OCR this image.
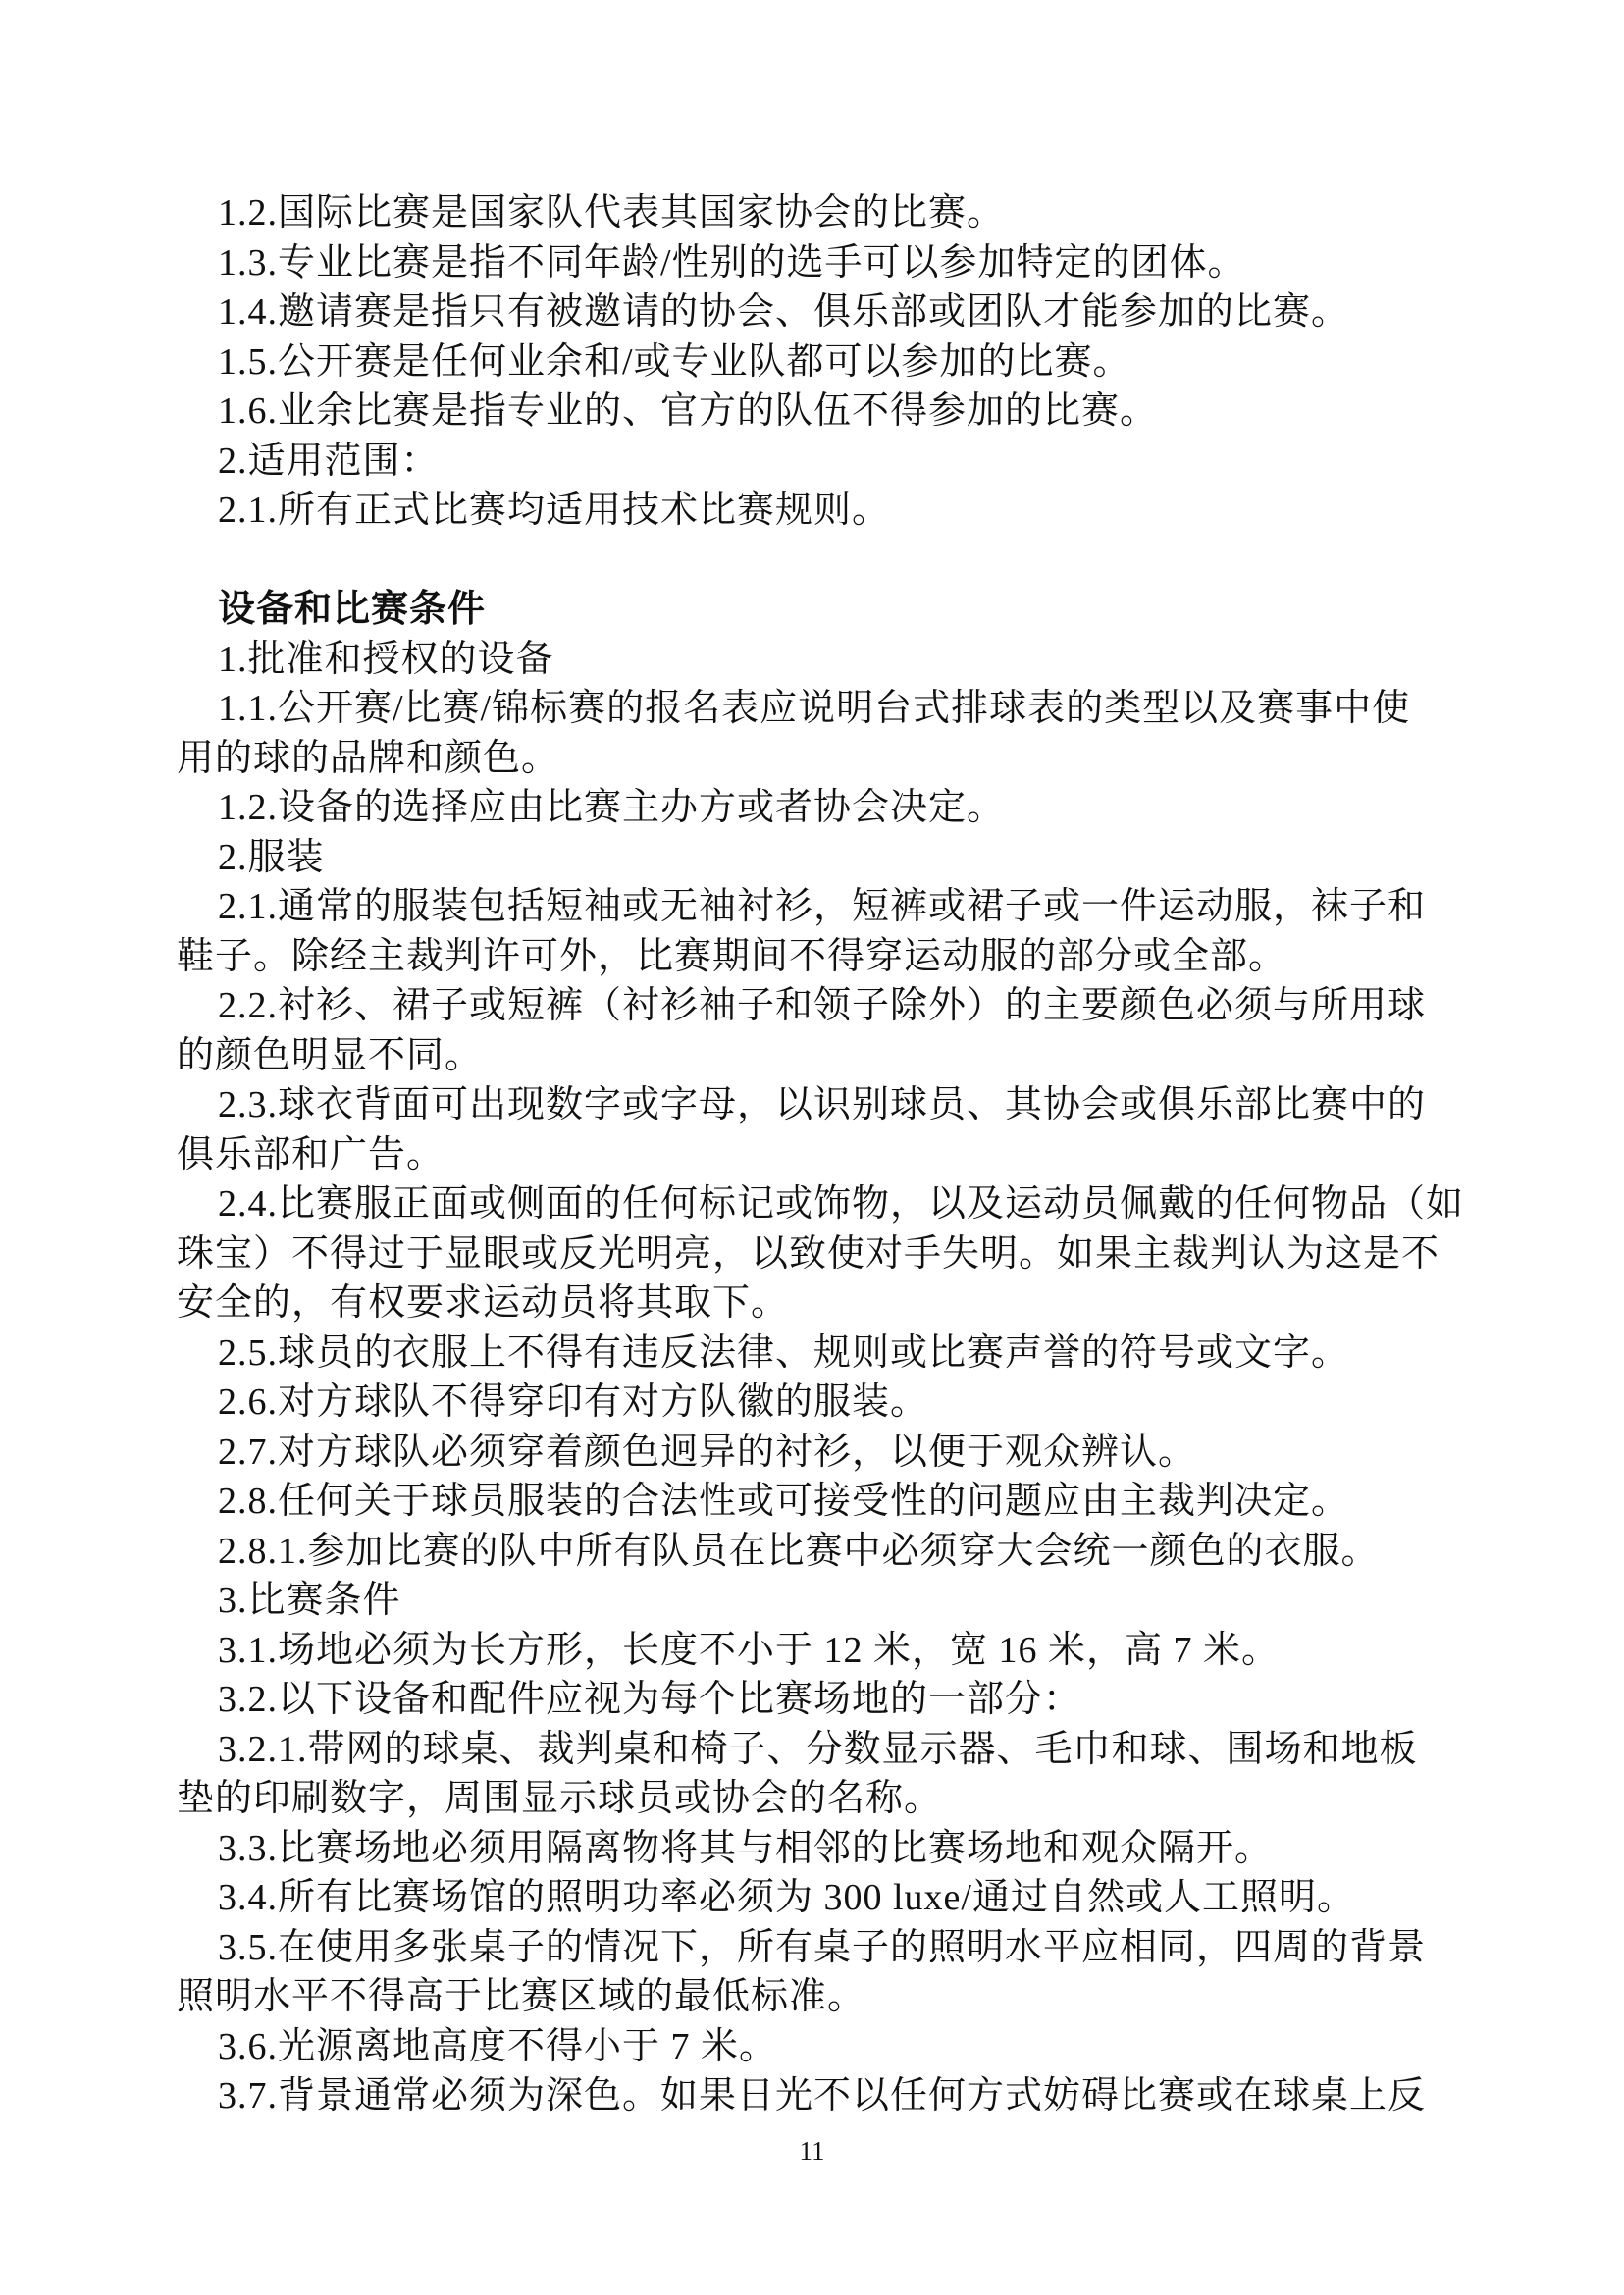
1.2.国际比赛是国家队代表其国家协会的比赛。
1.3.专业比赛是指不同年龄/性别的选手可以参加特定的团体。
1.4.邀请赛是指只有被邀请的协会、俱乐部或团队才能参加的比赛。
1.5.公开赛是任何业余和/或专业队都可以参加的比赛。
1.6.业余比赛是指专业的、官方的队伍不得参加的比赛。
2.适用范围：
2.1.所有正式比赛均适用技术比赛规则。
设备和比赛条件
1.批准和授权的设备
1.1.公开赛/比赛/锦标赛的报名表应说明台式排球表的类型以及赛事中使
用的球的品牌和颜色。
1.2.设备的选择应由比赛主办方或者协会决定。
2.服装
2.1.通常的服装包括短袖或无袖衬衫，短裤或裙子或一件运动服，袜子和
鞋子。除经主裁判许可外，比赛期间不得穿运动服的部分或全部。
2.2.衬衫、裙子或短裤（衬衫袖子和领子除外）的主要颜色必须与所用球
的颜色明显不同。
2.3.球衣背面可出现数字或字母，以识别球员、其协会或俱乐部比赛中的
俱乐部和广告。
2.4.比赛服正面或侧面的任何标记或饰物，以及运动员佩戴的任何物品（如
珠宝）不得过于显眼或反光明亮，以致使对手失明。如果主裁判认为这是不
安全的，有权要求运动员将其取下。
2.5.球员的衣服上不得有违反法律、规则或比赛声誉的符号或文字。
2.6.对方球队不得穿印有对方队徽的服装。
2.7.对方球队必须穿着颜色迥异的衬衫，以便于观众辨认。
2.8.任何关于球员服装的合法性或可接受性的问题应由主裁判决定。
2.8.1.参加比赛的队中所有队员在比赛中必须穿大会统一颜色的衣服。
3.比赛条件
3.1.场地必须为长方形，长度不小于 12 米，宽 16 米，高 7 米。
3.2.以下设备和配件应视为每个比赛场地的一部分：
3.2.1.带网的球桌、裁判桌和椅子、分数显示器、毛巾和球、围场和地板
垫的印刷数字，周围显示球员或协会的名称。
3.3.比赛场地必须用隔离物将其与相邻的比赛场地和观众隔开。
3.4.所有比赛场馆的照明功率必须为 300 luxe/通过自然或人工照明。
3.5.在使用多张桌子的情况下，所有桌子的照明水平应相同，四周的背景
照明水平不得高于比赛区域的最低标准。
3.6.光源离地高度不得小于 7 米。
3.7.背景通常必须为深色。如果日光不以任何方式妨碍比赛或在球桌上反
11
